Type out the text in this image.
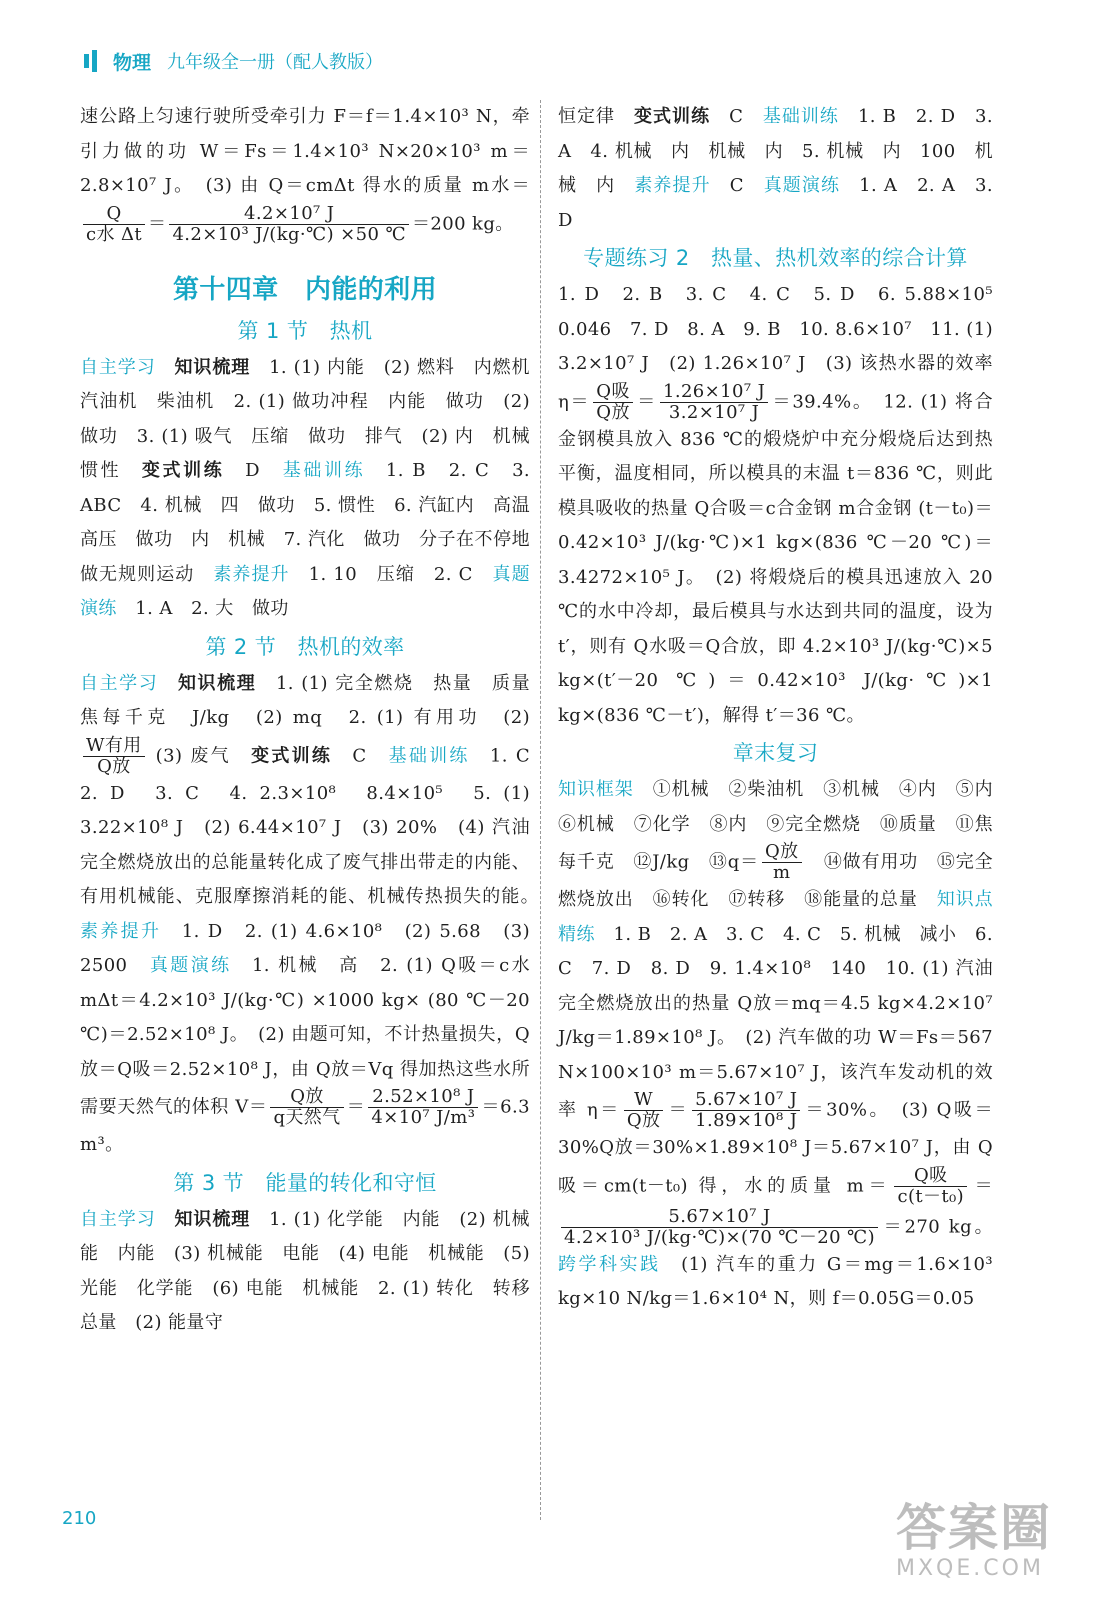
物理 九年级全一册（配人教版）

速公路上匀速行驶所受牵引力 F＝f＝1.4×10³ N，牵引力做的功 W＝Fs＝1.4×10³ N×20×10³ m＝2.8×10⁷ J。　(3) 由 Q＝cmΔt 得水的质量 m水＝
$\frac{Q}{\text{c水 Δt}} = \frac{\text{4.2×10⁷ J}}{\text{4.2×10³ J/(kg·℃) ×50 ℃}} =200$ kg。

第十四章　内能的利用
第 1 节　热机

自主学习　 知识梳理　 1. (1) 内能　(2) 燃料　内燃机　汽油机　柴油机　2. (1) 做功冲程　内能　做功　(2) 做功　3. (1) 吸气　压缩　做功　排气　(2) 内　机械　惯性　 变式训练　 D　 基础训练　 1. B　2. C　3. ABC　4. 机械　四　做功　5. 惯性　6. 汽缸内　高温高压　做功　内　机械　7. 汽化　做功　分子在不停地做无规则运动　 素养提升　 1. 10　压缩　2. C　 真题演练　 1. A　2. 大　做功

第 2 节　热机的效率

自主学习　 知识梳理　 1. (1) 完全燃烧　热量　质量　焦每千克　J/kg　(2) mq　2. (1) 有用功　(2)
$\frac{\text{W有用}}{\text{Q放}} (3)$ 废气　 变式训练　 C　 基础训练　 1. C　2. D　3. C　4. 2.3×10⁸　8.4×10⁵　5. (1) 3.22×10⁸ J　(2) 6.44×10⁷ J　(3) 20%　(4) 汽油完全燃烧放出的总能量转化成了废气排出带走的内能、有用机械能、克服摩擦消耗的能、机械传热损失的能。　素养提升　 1. D　2. (1) 4.6×10⁸　(2) 5.68　(3) 2500　 真题演练　 1. 机械　高　2. (1) Q吸＝c水 mΔt＝4.2×10³ J/(kg·℃) ×1000 kg× (80 ℃－20 ℃)＝2.52×10⁸ J。　(2) 由题可知，不计热量损失，Q放＝Q吸＝2.52×10⁸ J，由 Q放＝Vq 得加热这些水所需要天然气的体积 $V= \frac{\text{Q放}}{\text{q天然气}} = \frac{\text{2.52×10⁸ J}}{\text{4×10⁷ J/m³}} =6.3$ m³。

第 3 节　能量的转化和守恒

自主学习　 知识梳理　 1. (1) 化学能　内能　(2) 机械能　内能　(3) 机械能　电能　(4) 电能　机械能　(5) 光能　化学能　(6) 电能　机械能　2. (1) 转化　转移　总量　(2) 能量守

恒定律　 变式训练　 C　 基础训练　 1. B　2. D　3. A　4. 机械　内　机械　内　5. 机械　内　100　机械　内　 素养提升　 C　 真题演练　 1. A　2. A　3. D

专题练习 2　热量、热机效率的综合计算

1. D　2. B　3. C　4. C　5. D　6. 5.88×10⁵　0.046　7. D　8. A　9. B　10. 8.6×10⁷　11. (1) 3.2×10⁷ J　(2) 1.26×10⁷ J　(3) 该热水器的效率 $\eta= \frac{\text{Q吸}}{\text{Q放}} = \frac{\text{1.26×10⁷ J}}{\text{3.2×10⁷ J}} =39.4\%$。　12. (1) 将合金钢模具放入 836 ℃的煅烧炉中充分煅烧后达到热平衡，温度相同，所以模具的末温 t＝836 ℃，则此模具吸收的热量 Q合吸＝c合金钢 m合金钢 (t－t₀)＝0.42×10³ J/(kg·℃)×1 kg×(836 ℃－20 ℃)＝3.4272×10⁵ J。　(2) 将煅烧后的模具迅速放入 20 ℃的水中冷却，最后模具与水达到共同的温度，设为 t′，则有 Q水吸＝Q合放，即 4.2×10³ J/(kg·℃)×5 kg×(t′－20 ℃)＝0.42×10³ J/(kg·℃)×1 kg×(836 ℃－t′)，解得 t′＝36 ℃。

章末复习

知识框架　 ①机械　②柴油机　③机械　④内　⑤内　⑥机械　⑦化学　⑧内　⑨完全燃烧　⑩质量　⑪焦每千克　⑫J/kg　⑬q＝ $\frac{\text{Q放}}{m}$
　 ⑭做有用功　⑮完全燃烧放出　⑯转化　⑰转移　⑱能量的总量　 知识点精练　 1. B　2. A　3. C　4. C　5. 机械　减小　6. C　7. D　8. D　9. 1.4×10⁸　140　10. (1) 汽油完全燃烧放出的热量 Q放＝mq＝4.5 kg×4.2×10⁷ J/kg＝1.89×10⁸ J。　(2) 汽车做的功 W＝Fs＝567 N×100×10³ m＝5.67×10⁷ J，该汽车发动机的效率 $\eta= \frac{W}{\text{Q放}} = \frac{\text{5.67×10⁷ J}}{\text{1.89×10⁸ J}} =30\%$。　(3) Q吸＝30%Q放＝30%×1.89×10⁸ J＝5.67×10⁷ J，由 Q吸＝cm(t－t₀) 得，水的质量 $m= \frac{\text{Q吸}}{\text{c(t－t₀)}}$ ＝
$\frac{\text{5.67×10⁷ J}}{\text{4.2×10³ J/(kg·℃)×(70 ℃－20 ℃)}} =270$ kg。 跨学科实践　 (1) 汽车的重力 G＝mg＝1.6×10³ kg×10 N/kg＝1.6×10⁴ N，则 f＝0.05G＝0.05

210	答案圈
MXQE.COM
